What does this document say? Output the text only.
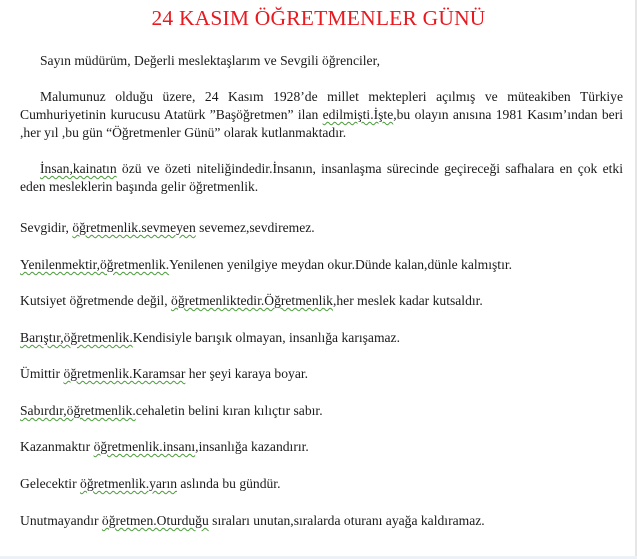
24 KASIM ÖĞRETMENLER GÜNÜ
Sayın müdürüm, Değerli meslektaşlarım ve Sevgili öğrenciler,
Malumunuz olduğu üzere, 24 Kasım 1928’de millet mektepleri açılmış ve müteakiben Türkiye Cumhuriyetinin kurucusu Atatürk ”Başöğretmen” ilan edilmişti.İşte,bu olayın anısına 1981 Kasım’ından beri ,her yıl ,bu gün “Öğretmenler Günü” olarak kutlanmaktadır.
İnsan,kainatın özü ve özeti niteliğindedir.İnsanın, insanlaşma sürecinde geçireceği safhalara en çok etki eden mesleklerin başında gelir öğretmenlik.
Sevgidir, öğretmenlik.sevmeyen sevemez,sevdiremez.
Yenilenmektir,öğretmenlik.Yenilenen yenilgiye meydan okur.Dünde kalan,dünle kalmıştır.
Kutsiyet öğretmende değil, öğretmenliktedir.Öğretmenlik,her meslek kadar kutsaldır.
Barıştır,öğretmenlik.Kendisiyle barışık olmayan, insanlığa karışamaz.
Ümittir öğretmenlik.Karamsar her şeyi karaya boyar.
Sabırdır,öğretmenlik.cehaletin belini kıran kılıçtır sabır.
Kazanmaktır öğretmenlik.insanı,insanlığa kazandırır.
Gelecektir öğretmenlik.yarın aslında bu gündür.
Unutmayandır öğretmen.Oturduğu sıraları unutan,sıralarda oturanı ayağa kaldıramaz.
